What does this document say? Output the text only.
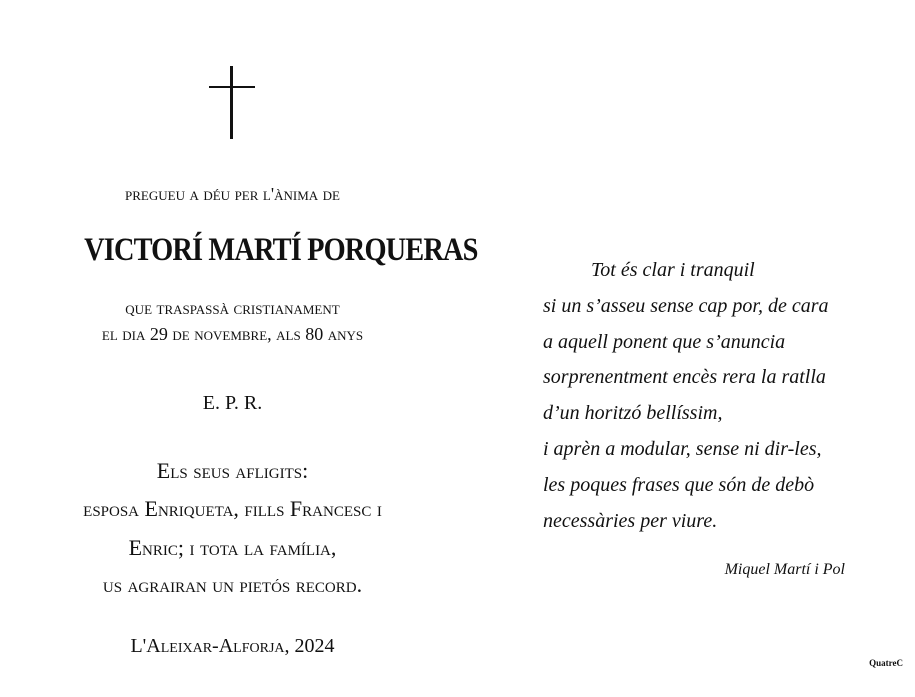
pregueu a déu per l'ànima de
VICTORÍ MARTÍ PORQUERAS
que traspassà cristianament
el dia 29 de novembre, als 80 anys
E. P. R.
Els seus afligits:
esposa Enriqueta, fills Francesc i
Enric; i tota la família,
us agrairan un pietós record.
L'Aleixar-Alforja, 2024
Tot és clar i tranquil
si un s’asseu sense cap por, de cara
a aquell ponent que s’anuncia
sorprenentment encès rera la ratlla
d’un horitzó bellíssim,
i aprèn a modular, sense ni dir-les,
les poques frases que són de debò
necessàries per viure.
Miquel Martí i Pol
QuatreC
